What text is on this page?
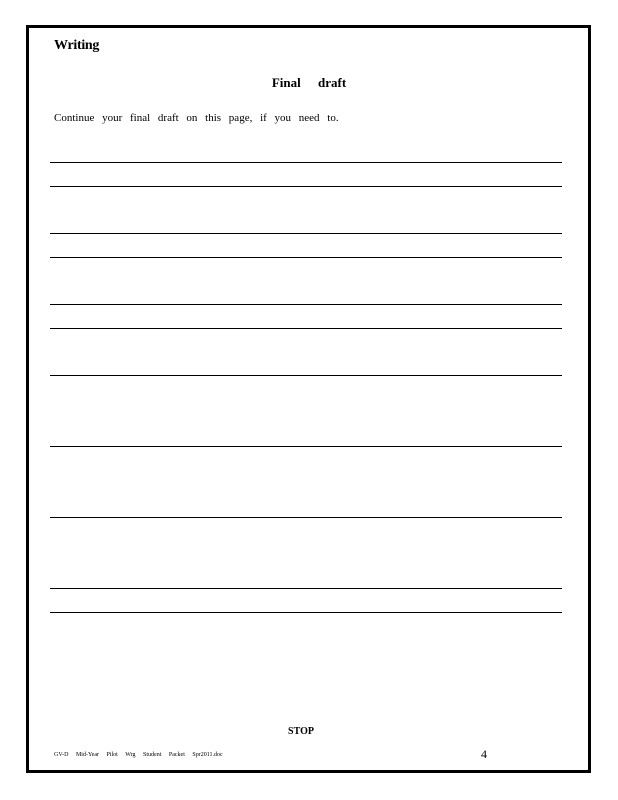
Writing
Final draft
Continue your final draft on this page, if you need to.
STOP
GV-D Mid-Year Pilot Wrg Student Packet Spr2011.doc	4
